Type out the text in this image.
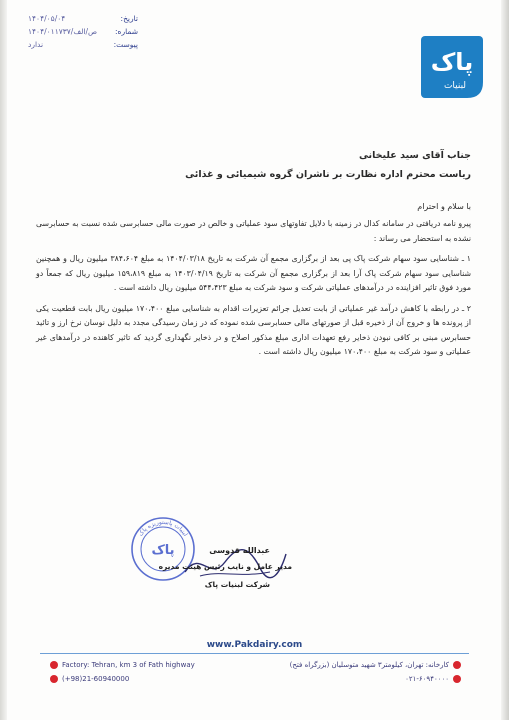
تاریخ:
۱۴۰۴/۰۵/۰۴
شماره:
۱۴۰۴/۰۱۱۷۳۷/ص/الف
پیوست:
ندارد
پاک
لبنیات
جناب آقای سید علیخانی
ریاست محترم اداره نظارت بر ناشران گروه شیمیائی و غذائی
با سلام و احترام
پیرو نامه دریافتی در سامانه کدال در زمینه با دلایل تفاوتهای سود عملیاتی و خالص در صورت مالی حسابرسی شده نسبت به حسابرسی نشده به استحضار می رساند :
۱ ـ شناسایی سود سهام شرکت پاک پی بعد از برگزاری مجمع آن شرکت به تاریخ ۱۴۰۴/۰۳/۱۸ به مبلغ ۳۸۴،۶۰۴ میلیون ریال و همچنین شناسایی سود سهام شرکت پاک آرا بعد از برگزاری مجمع آن شرکت به تاریخ ۱۴۰۳/۰۴/۱۹ به مبلغ ۱۵۹،۸۱۹ میلیون ریال که جمعاً دو مورد فوق تاثیر افزاینده در درآمدهای عملیاتی شرکت و سود شرکت به مبلغ ۵۴۴،۴۲۳ میلیون ریال داشته است .
۲ ـ در رابطه با کاهش درآمد غیر عملیاتی از بابت تعدیل جرائم تعزیرات اقدام به شناسایی مبلغ ۱۷۰،۴۰۰ میلیون ریال بابت قطعیت یکی از پرونده ها و خروج آن از ذخیره قبل از صورتهای مالی حسابرسی شده نموده که در زمان رسیدگی مجدد به دلیل نوسان نرخ ارز و تائید حسابرس مبنی بر کافی نبودن ذخایر رفع تعهدات اداری مبلغ مذکور اصلاح و در ذخایر نگهداری گردید که تاثیر کاهنده در درآمدهای غیر عملیاتی و سود شرکت به مبلغ ۱۷۰،۴۰۰ میلیون ریال داشته است .
پاک
لبنیات پاستوریزه پاک
عبدالله قدوسی
مدیر عامل و نایب رئیس هیئت مدیره
شرکت لبنیات پاک
www.Pakdairy.com
Factory: Tehran, km 3 of Fath highway
(+98)21-60940000
کارخانه: تهران، کیلومتر۳ شهید متوسلیان (بزرگراه فتح)
۰۲۱-۶۰۹۴۰۰۰۰
